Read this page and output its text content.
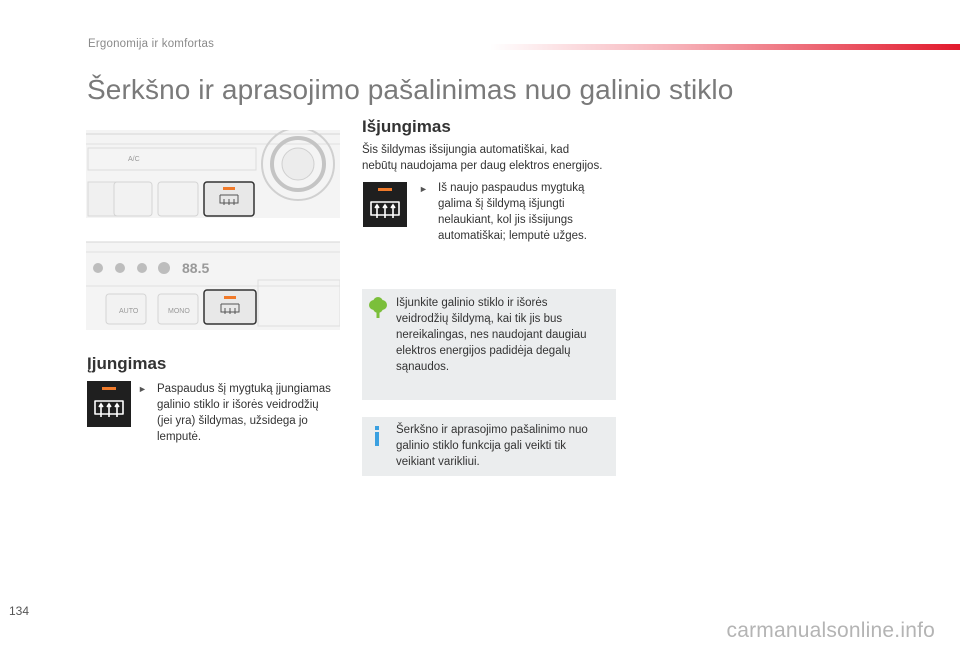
Ergonomija ir komfortas
Šerkšno ir aprasojimo pašalinimas nuo galinio stiklo
A/C
88.5
AUTO	MONO
Įjungimas
► Paspaudus šį mygtuką įjungiamas
galinio stiklo ir išorės veidrodžių
(jei yra) šildymas, užsidega jo
lemputė.
Išjungimas
Šis šildymas išsijungia automatiškai, kad
nebūtų naudojama per daug elektros energijos.
► Iš naujo paspaudus mygtuką
galima šį šildymą išjungti
nelaukiant, kol jis išsijungs
automatiškai; lemputė užges.
Išjunkite galinio stiklo ir išorės
veidrodžių šildymą, kai tik jis bus
nereikalingas, nes naudojant daugiau
elektros energijos padidėja degalų
sąnaudos.
Šerkšno ir aprasojimo pašalinimo nuo
galinio stiklo funkcija gali veikti tik
veikiant varikliui.
134
carmanualsonline.info
